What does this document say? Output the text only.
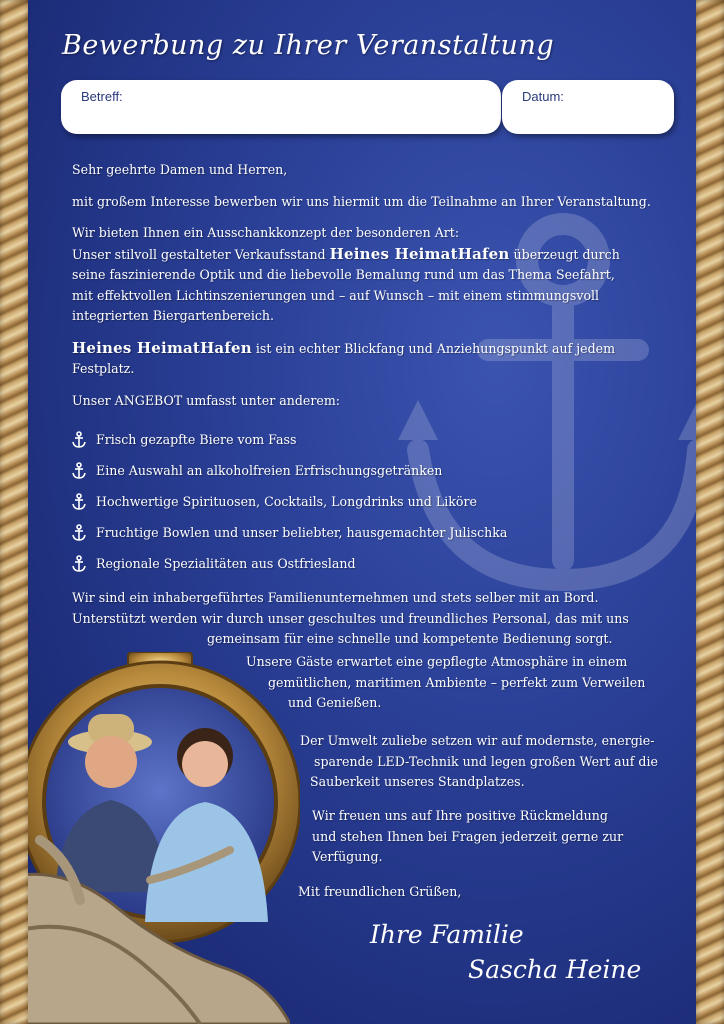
Bewerbung zu Ihrer Veranstaltung
Betreff:	Datum:

Sehr geehrte Damen und Herren,

mit großem Interesse bewerben wir uns hiermit um die Teilnahme an Ihrer Veranstaltung.

Wir bieten Ihnen ein Ausschankkonzept der besonderen Art:

Unser stilvoll gestalteter Verkaufsstand Heines HeimatHafen überzeugt durch

seine faszinierende Optik und die liebevolle Bemalung rund um das Thema Seefahrt,

mit effektvollen Lichtinszenierungen und – auf Wunsch – mit einem stimmungsvoll

integrierten Biergartenbereich.

Heines HeimatHafen ist ein echter Blickfang und Anziehungspunkt auf jedem

Festplatz.

Unser ANGEBOT umfasst unter anderem:

Frisch gezapfte Biere vom Fass
Eine Auswahl an alkoholfreien Erfrischungsgetränken
Hochwertige Spirituosen, Cocktails, Longdrinks und Liköre
Fruchtige Bowlen und unser beliebter, hausgemachter Julischka
Regionale Spezialitäten aus Ostfriesland

Wir sind ein inhabergeführtes Familienunternehmen und stets selber mit an Bord.

Unterstützt werden wir durch unser geschultes und freundliches Personal, das mit uns

gemeinsam für eine schnelle und kompetente Bedienung sorgt.

Unsere Gäste erwartet eine gepflegte Atmosphäre in einem

gemütlichen, maritimen Ambiente – perfekt zum Verweilen

und Genießen.

Der Umwelt zuliebe setzen wir auf modernste, energie-

sparende LED-Technik und legen großen Wert auf die

Sauberkeit unseres Standplatzes.

Wir freuen uns auf Ihre positive Rückmeldung

und stehen Ihnen bei Fragen jederzeit gerne zur

Verfügung.

Mit freundlichen Grüßen,
Ihre Familie
Sascha Heine
